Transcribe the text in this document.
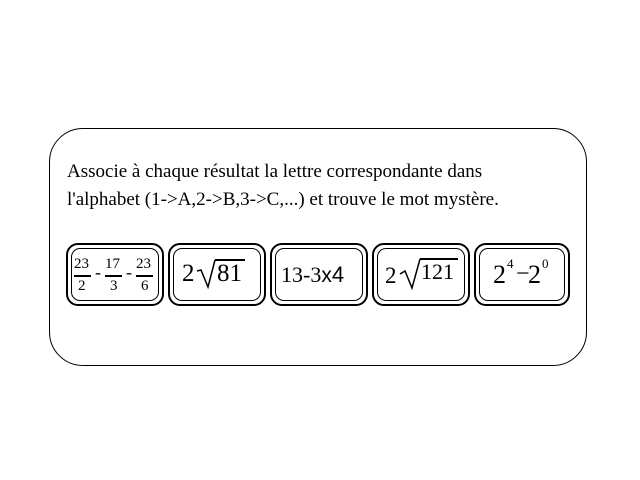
Associe à chaque résultat la lettre correspondante dans
l'alphabet (1->A,2->B,3->C,...) et trouve le mot mystère.
23
2
- 17
3
- 23
6 2 81 13-3x4 2 121 2 4 −
2 0
